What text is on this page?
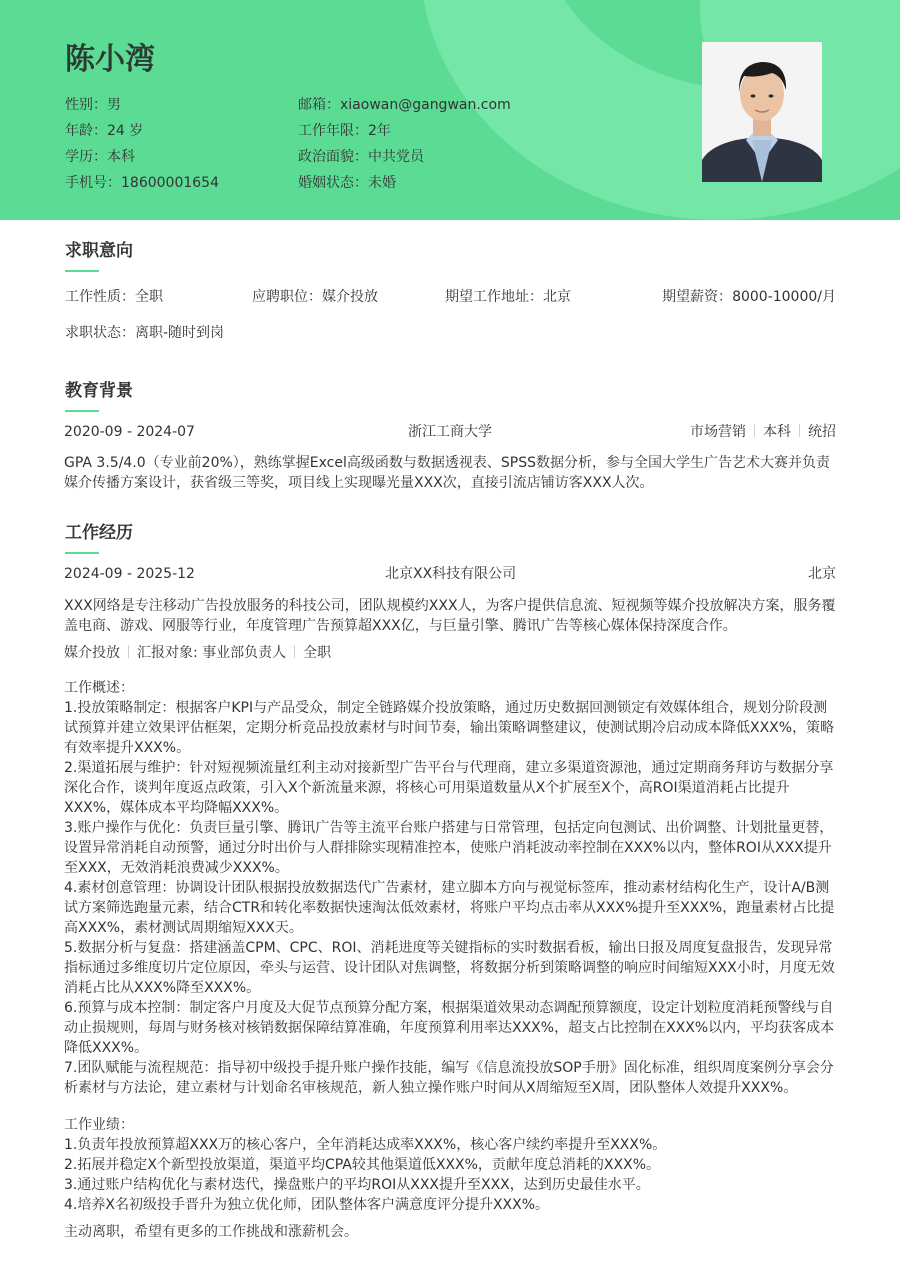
陈小湾
性别：男
年龄：24 岁
学历：本科
手机号：18600001654
邮箱：xiaowan@gangwan.com
工作年限：2年
政治面貌：中共党员
婚姻状态：未婚
求职意向
工作性质：全职	应聘职位：媒介投放	期望工作地址：北京	期望薪资：8000-10000/月
求职状态：离职-随时到岗
教育背景
2020-09 - 2024-07	浙江工商大学	市场营销 本科 统招
GPA 3.5/4.0（专业前20%），熟练掌握Excel高级函数与数据透视表、SPSS数据分析，参与全国大学生广告艺术大赛并负责媒介传播方案设计，获省级三等奖，项目线上实现曝光量XXX次，直接引流店铺访客XXX人次。
工作经历
2024-09 - 2025-12	北京XX科技有限公司	北京
XXX网络是专注移动广告投放服务的科技公司，团队规模约XXX人，为客户提供信息流、短视频等媒介投放解决方案，服务覆盖电商、游戏、网服等行业，年度管理广告预算超XXX亿，与巨量引擎、腾讯广告等核心媒体保持深度合作。
媒介投放 汇报对象: 事业部负责人 全职

工作概述：

1.投放策略制定：根据客户KPI与产品受众，制定全链路媒介投放策略，通过历史数据回测锁定有效媒体组合，规划分阶段测试预算并建立效果评估框架，定期分析竞品投放素材与时间节奏，输出策略调整建议，使测试期冷启动成本降低XXX%，策略有效率提升XXX%。

2.渠道拓展与维护：针对短视频流量红利主动对接新型广告平台与代理商，建立多渠道资源池，通过定期商务拜访与数据分享深化合作，谈判年度返点政策，引入X个新流量来源，将核心可用渠道数量从X个扩展至X个，高ROI渠道消耗占比提升XXX%，媒体成本平均降幅XXX%。

3.账户操作与优化：负责巨量引擎、腾讯广告等主流平台账户搭建与日常管理，包括定向包测试、出价调整、计划批量更替，设置异常消耗自动预警，通过分时出价与人群排除实现精准控本，使账户消耗波动率控制在XXX%以内，整体ROI从XXX提升至XXX，无效消耗浪费减少XXX%。

4.素材创意管理：协调设计团队根据投放数据迭代广告素材，建立脚本方向与视觉标签库，推动素材结构化生产，设计A/B测试方案筛选跑量元素，结合CTR和转化率数据快速淘汰低效素材，将账户平均点击率从XXX%提升至XXX%，跑量素材占比提高XXX%，素材测试周期缩短XXX天。

5.数据分析与复盘：搭建涵盖CPM、CPC、ROI、消耗进度等关键指标的实时数据看板，输出日报及周度复盘报告，发现异常指标通过多维度切片定位原因，牵头与运营、设计团队对焦调整，将数据分析到策略调整的响应时间缩短XXX小时，月度无效消耗占比从XXX%降至XXX%。

6.预算与成本控制：制定客户月度及大促节点预算分配方案，根据渠道效果动态调配预算额度，设定计划粒度消耗预警线与自动止损规则，每周与财务核对核销数据保障结算准确，年度预算利用率达XXX%，超支占比控制在XXX%以内，平均获客成本降低XXX%。

7.团队赋能与流程规范：指导初中级投手提升账户操作技能，编写《信息流投放SOP手册》固化标准，组织周度案例分享会分析素材与方法论，建立素材与计划命名审核规范，新人独立操作账户时间从X周缩短至X周，团队整体人效提升XXX%。

工作业绩：

1.负责年投放预算超XXX万的核心客户，全年消耗达成率XXX%，核心客户续约率提升至XXX%。

2.拓展并稳定X个新型投放渠道，渠道平均CPA较其他渠道低XXX%，贡献年度总消耗的XXX%。

3.通过账户结构优化与素材迭代，操盘账户的平均ROI从XXX提升至XXX，达到历史最佳水平。

4.培养X名初级投手晋升为独立优化师，团队整体客户满意度评分提升XXX%。

主动离职，希望有更多的工作挑战和涨薪机会。
